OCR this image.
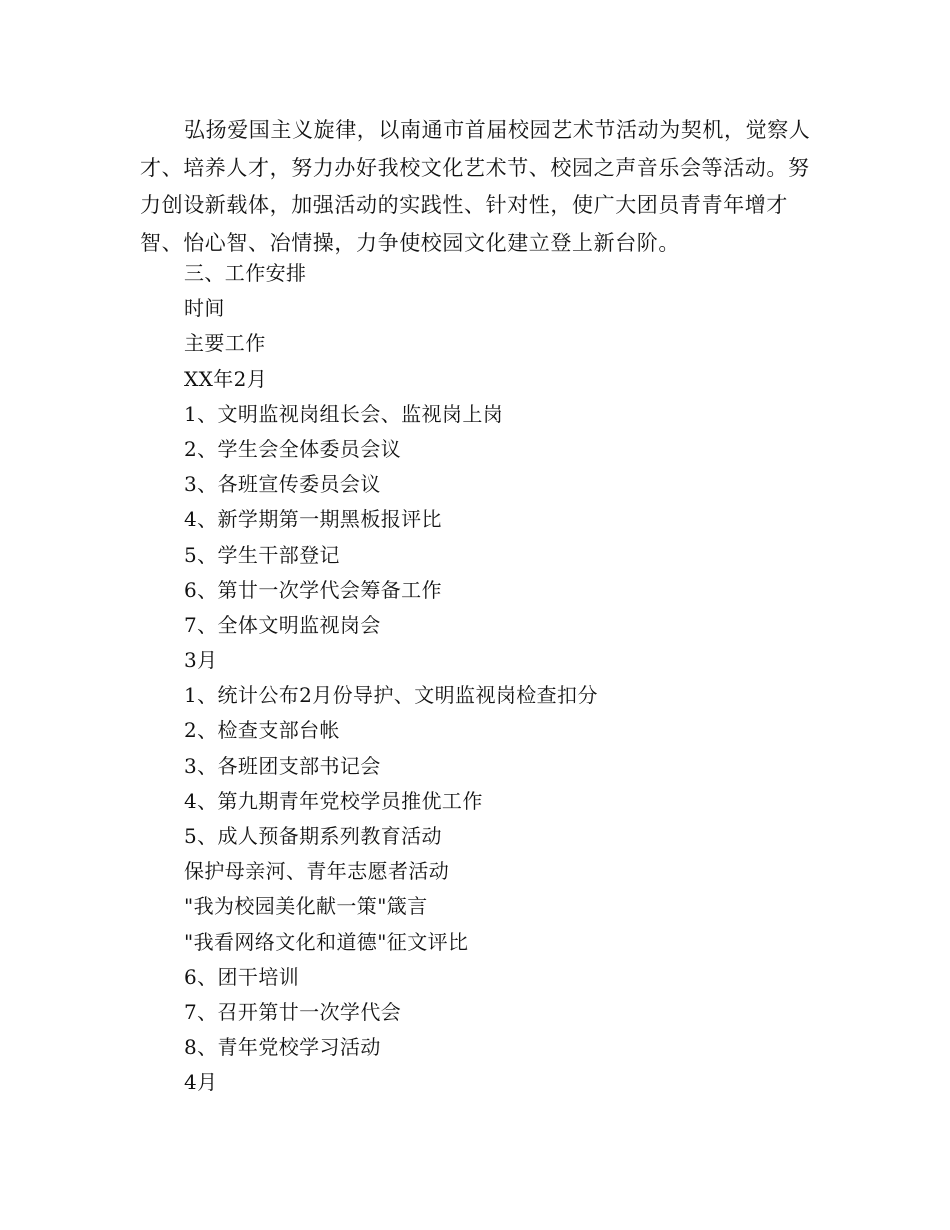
弘扬爱国主义旋律，以南通市首届校园艺术节活动为契机，觉察人才、培养人才，努力办好我校文化艺术节、校园之声音乐会等活动。努力创设新载体，加强活动的实践性、针对性，使广大团员青青年增才智、怡心智、冶情操，力争使校园文化建立登上新台阶。

三、工作安排
时间
主要工作
XX年2月
1、文明监视岗组长会、监视岗上岗
2、学生会全体委员会议
3、各班宣传委员会议
4、新学期第一期黑板报评比
5、学生干部登记
6、第廿一次学代会筹备工作
7、全体文明监视岗会
3月
1、统计公布2月份导护、文明监视岗检查扣分
2、检查支部台帐
3、各班团支部书记会
4、第九期青年党校学员推优工作
5、成人预备期系列教育活动
保护母亲河、青年志愿者活动
"我为校园美化献一策"箴言
"我看网络文化和道德"征文评比
6、团干培训
7、召开第廿一次学代会
8、青年党校学习活动
4月
